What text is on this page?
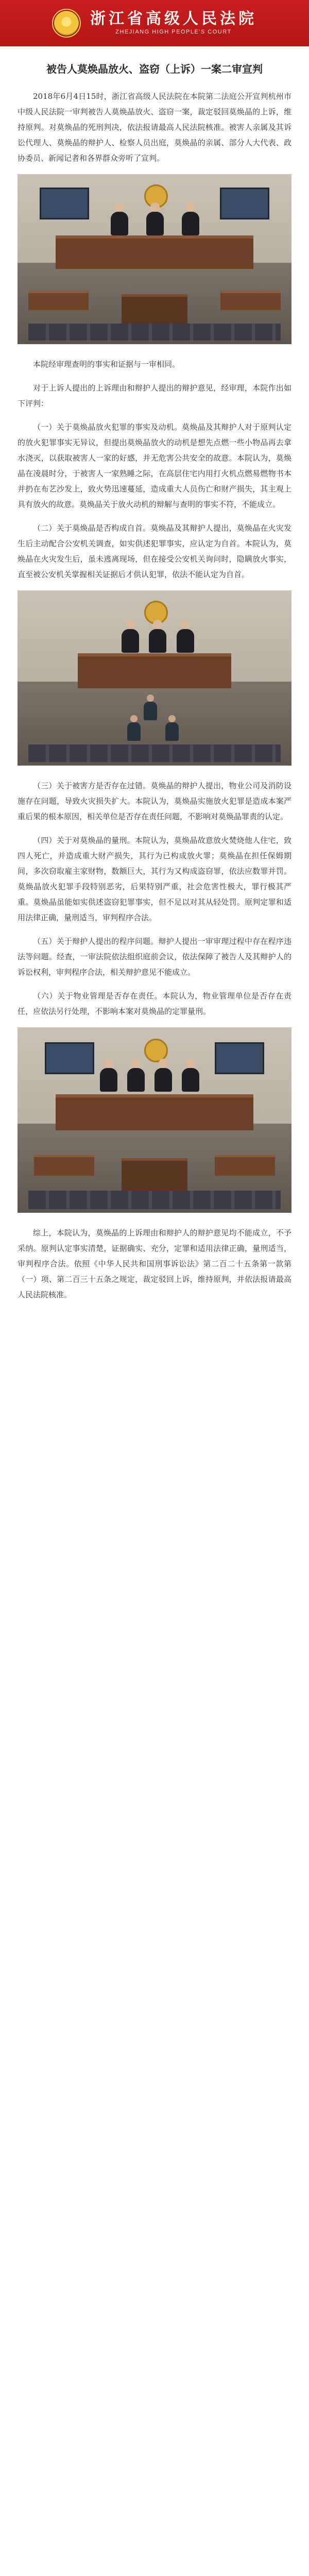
浙江省高级人民法院
ZHEJIANG HIGH PEOPLE'S COURT
被告人莫焕晶放火、盗窃（上诉）一案二审宣判

2018年6月4日15时，浙江省高级人民法院在本院第二法庭公开宣判杭州市中级人民法院一审判被告人莫焕晶放火、盗窃一案，裁定驳回莫焕晶的上诉，维持原判。对莫焕晶的死刑判决，依法报请最高人民法院核准。被害人亲属及其诉讼代理人、莫焕晶的辩护人、检察人员出庭，莫焕晶的亲属、部分人大代表、政协委员、新闻记者和各界群众旁听了宣判。

本院经审理查明的事实和证据与一审相同。

对于上诉人提出的上诉理由和辩护人提出的辩护意见，经审理，本院作出如下评判：

（一）关于莫焕晶放火犯罪的事实及动机。莫焕晶及其辩护人对于原判认定的放火犯罪事实无异议，但提出莫焕晶放火的动机是想先点燃一些小物品再去拿水浇灭，以获取被害人一家的好感，并无危害公共安全的故意。本院认为，莫焕晶在凌晨时分，于被害人一家熟睡之际，在高层住宅内用打火机点燃易燃物书本并扔在布艺沙发上，致火势迅速蔓延，造成重大人员伤亡和财产损失，其主观上具有放火的故意。莫焕晶关于放火动机的辩解与查明的事实不符，不能成立。

（二）关于莫焕晶是否构成自首。莫焕晶及其辩护人提出，莫焕晶在火灾发生后主动配合公安机关调查，如实供述犯罪事实，应认定为自首。本院认为，莫焕晶在火灾发生后，虽未逃离现场，但在接受公安机关询问时，隐瞒放火事实，直至被公安机关掌握相关证据后才供认犯罪，依法不能认定为自首。

（三）关于被害方是否存在过错。莫焕晶的辩护人提出，物业公司及消防设施存在问题，导致火灾损失扩大。本院认为，莫焕晶实施放火犯罪是造成本案严重后果的根本原因，相关单位是否存在责任问题，不影响对莫焕晶罪责的认定。

（四）关于对莫焕晶的量刑。本院认为，莫焕晶故意放火焚烧他人住宅，致四人死亡，并造成重大财产损失，其行为已构成放火罪；莫焕晶在担任保姆期间，多次窃取雇主家财物，数额巨大，其行为又构成盗窃罪，依法应数罪并罚。莫焕晶放火犯罪手段特别恶劣，后果特别严重，社会危害性极大，罪行极其严重。莫焕晶虽能如实供述盗窃犯罪事实，但不足以对其从轻处罚。原判定罪和适用法律正确，量刑适当，审判程序合法。

（五）关于辩护人提出的程序问题。辩护人提出一审审理过程中存在程序违法等问题。经查，一审法院依法组织庭前会议，依法保障了被告人及其辩护人的诉讼权利，审判程序合法，相关辩护意见不能成立。

（六）关于物业管理是否存在责任。本院认为，物业管理单位是否存在责任，应依法另行处理，不影响本案对莫焕晶的定罪量刑。

综上，本院认为，莫焕晶的上诉理由和辩护人的辩护意见均不能成立，不予采纳。原判认定事实清楚，证据确实、充分，定罪和适用法律正确，量刑适当，审判程序合法。依照《中华人民共和国刑事诉讼法》第二百二十五条第一款第（一）项、第二百三十五条之规定，裁定驳回上诉，维持原判，并依法报请最高人民法院核准。
